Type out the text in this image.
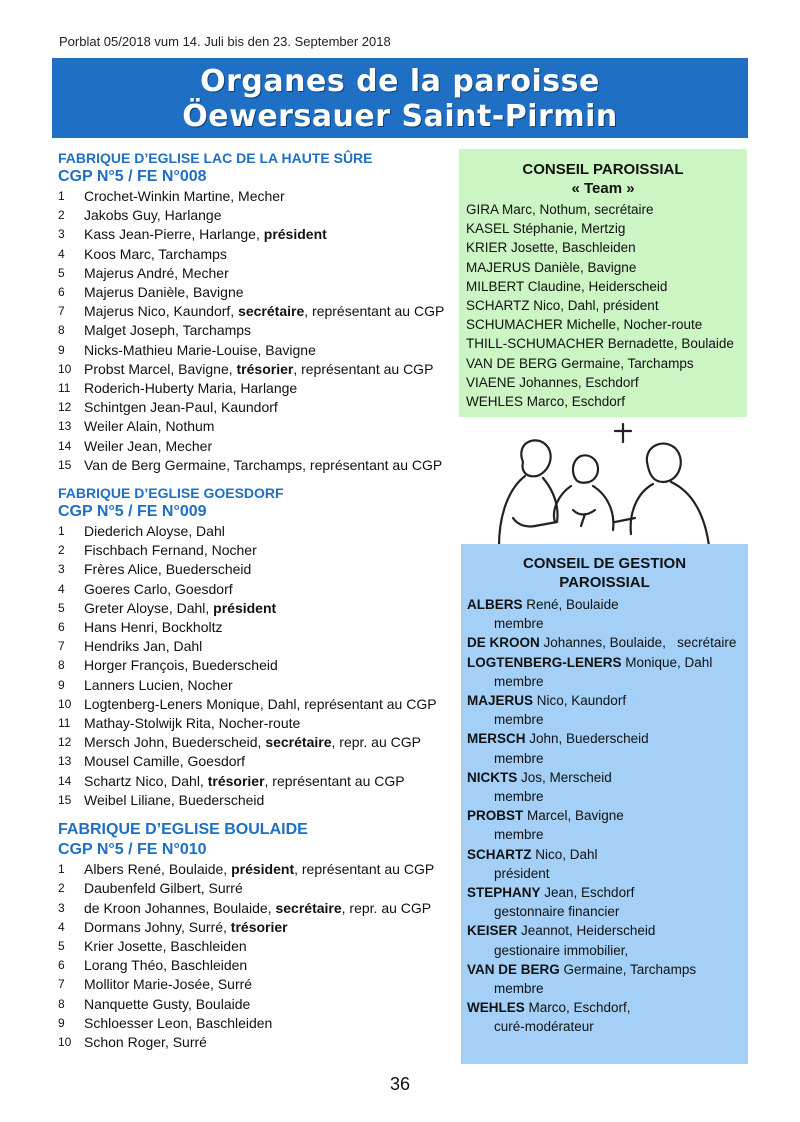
Porblat 05/2018 vum 14. Juli bis den 23. September 2018
Organes de la paroisse
Öewersauer Saint-Pirmin
FABRIQUE D’EGLISE LAC DE LA HAUTE SÛRE
CGP N°5 / FE N°008
1	Crochet-Winkin Martine, Mecher
2	Jakobs Guy, Harlange
3	Kass Jean-Pierre, Harlange, président
4	Koos Marc, Tarchamps
5	Majerus André, Mecher
6	Majerus Danièle, Bavigne
7	Majerus Nico, Kaundorf, secrétaire, représentant au CGP
8	Malget Joseph, Tarchamps
9	Nicks-Mathieu Marie-Louise, Bavigne
10 Probst Marcel, Bavigne, trésorier, représentant au CGP
11 Roderich-Huberty Maria, Harlange
12 Schintgen Jean-Paul, Kaundorf
13 Weiler Alain, Nothum
14 Weiler Jean, Mecher
15 Van de Berg Germaine, Tarchamps, représentant au CGP
FABRIQUE D’EGLISE GOESDORF
CGP N°5 / FE N°009
1	Diederich Aloyse, Dahl
2	Fischbach Fernand, Nocher
3	Frères Alice, Buederscheid
4	Goeres Carlo, Goesdorf
5	Greter Aloyse, Dahl, président
6	Hans Henri, Bockholtz
7	Hendriks Jan, Dahl
8	Horger François, Buederscheid
9	Lanners Lucien, Nocher
10 Logtenberg-Leners Monique, Dahl, représentant au CGP
11 Mathay-Stolwijk Rita, Nocher-route
12 Mersch John, Buederscheid, secrétaire, repr. au CGP
13 Mousel Camille, Goesdorf
14 Schartz Nico, Dahl, trésorier, représentant au CGP
15 Weibel Liliane, Buederscheid
FABRIQUE D’EGLISE BOULAIDE
CGP N°5 / FE N°010
1	Albers René, Boulaide, président, représentant au CGP
2	Daubenfeld Gilbert, Surré
3	de Kroon Johannes, Boulaide, secrétaire, repr. au CGP
4	Dormans Johny, Surré, trésorier
5	Krier Josette, Baschleiden
6	Lorang Théo, Baschleiden
7	Mollitor Marie-Josée, Surré
8	Nanquette Gusty, Boulaide
9	Schloesser Leon, Baschleiden
10 Schon Roger, Surré
CONSEIL PAROISSIAL
« Team »
GIRA Marc, Nothum, secrétaire
KASEL Stéphanie, Mertzig
KRIER Josette, Baschleiden
MAJERUS Danièle, Bavigne
MILBERT Claudine, Heiderscheid
SCHARTZ Nico, Dahl, président
SCHUMACHER Michelle, Nocher-route
THILL-SCHUMACHER Bernadette, Boulaide
VAN DE BERG Germaine, Tarchamps
VIAENE Johannes, Eschdorf
WEHLES Marco, Eschdorf
CONSEIL DE GESTION
PAROISSIAL
ALBERS René, Boulaide
membre
DE KROON Johannes, Boulaide,   secrétaire
LOGTENBERG-LENERS Monique, Dahl
membre
MAJERUS Nico, Kaundorf
membre
MERSCH John, Buederscheid
membre
NICKTS Jos, Merscheid
membre
PROBST Marcel, Bavigne
membre
SCHARTZ Nico, Dahl
président
STEPHANY Jean, Eschdorf
gestonnaire financier
KEISER Jeannot, Heiderscheid
gestionaire immobilier,
VAN DE BERG Germaine, Tarchamps
membre
WEHLES Marco, Eschdorf,
curé-modérateur
36
